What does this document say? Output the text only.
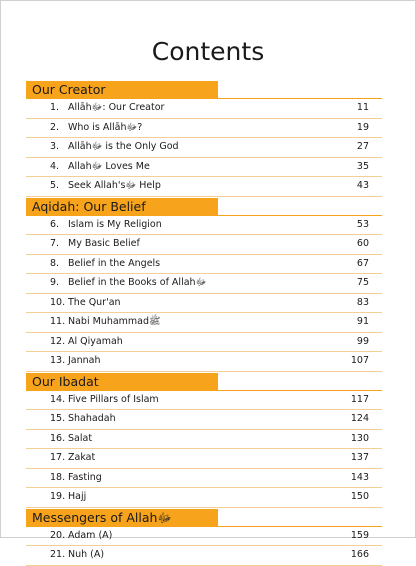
Contents
Our Creator
1. Allāhﷻ: Our Creator	11
2. Who is Allāhﷻ?	19
3. Allāhﷻ is the Only God	27
4. Allahﷻ Loves Me	35
5. Seek Allah'sﷻ Help	43
Aqidah: Our Belief
6. Islam is My Religion	53
7. My Basic Belief	60
8. Belief in the Angels	67
9. Belief in the Books of Allahﷻ	75
10. The Qur'an	83
11. Nabi Muhammadﷺ	91
12. Al Qiyamah	99
13. Jannah	107
Our Ibadat
14. Five Pillars of Islam	117
15. Shahadah	124
16. Salat	130
17. Zakat	137
18. Fasting	143
19. Hajj	150
Messengers of Allahﷻ
20. Adam (A)	159
21. Nuh (A)	166
